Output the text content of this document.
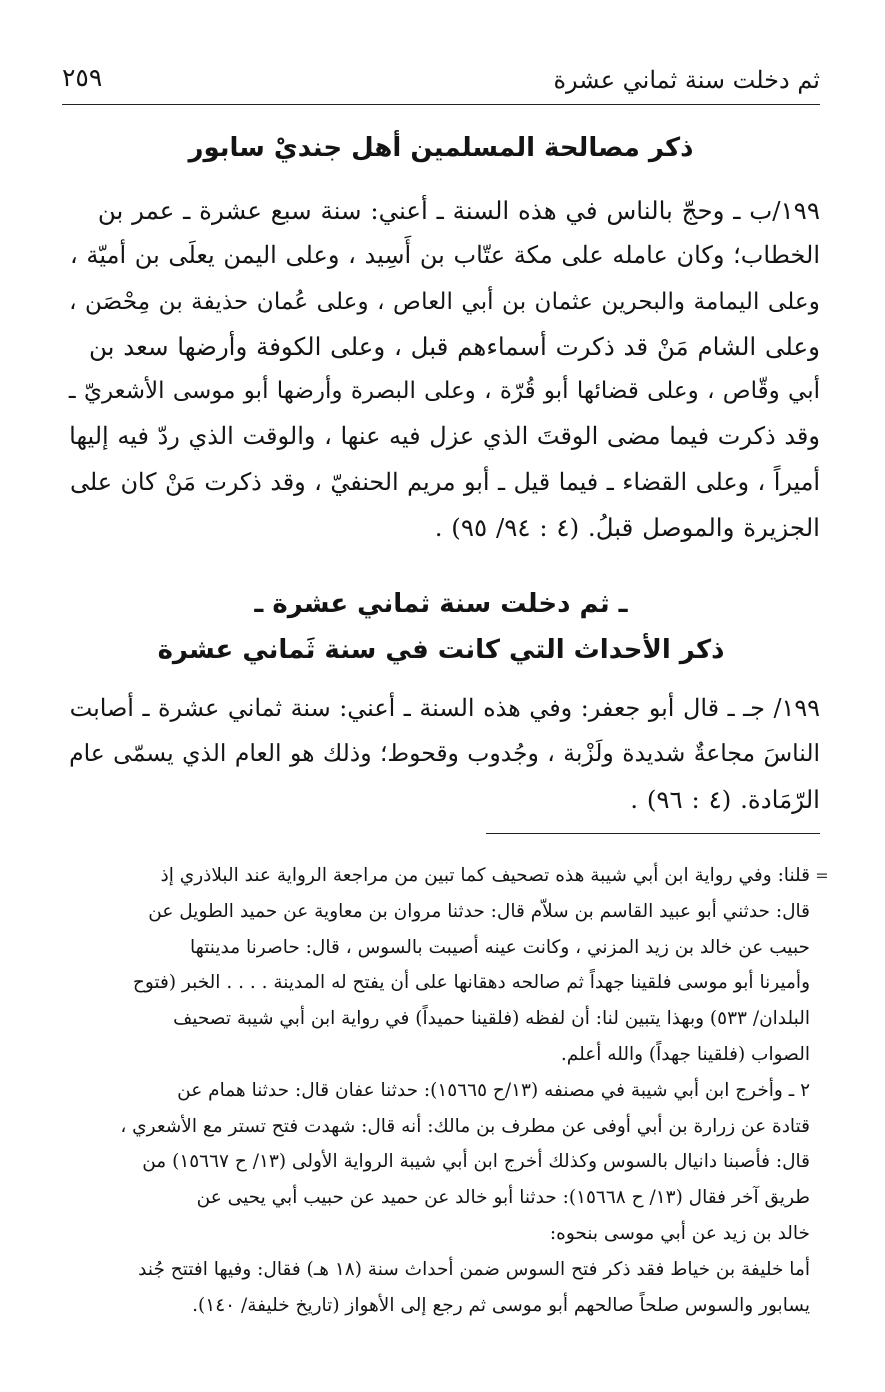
ثم دخلت سنة ثماني عشرة
٢٥٩
ذكر مصالحة المسلمين أهل جنديْ سابور
١٩٩/ب ـ وحجّ بالناس في هذه السنة ـ أعني: سنة سبع عشرة ـ عمر بن
الخطاب؛ وكان عامله على مكة عتّاب بن أَسِيد ، وعلى اليمن يعلَى بن أميّة ،
وعلى اليمامة والبحرين عثمان بن أبي العاص ، وعلى عُمان حذيفة بن مِحْصَن ،
وعلى الشام مَنْ قد ذكرت أسماءهم قبل ، وعلى الكوفة وأرضها سعد بن
أبي وقّاص ، وعلى قضائها أبو قُرّة ، وعلى البصرة وأرضها أبو موسى الأشعريّ ـ
وقد ذكرت فيما مضى الوقتَ الذي عزل فيه عنها ، والوقت الذي ردّ فيه إليها
أميراً ، وعلى القضاء ـ فيما قيل ـ أبو مريم الحنفيّ ، وقد ذكرت مَنْ كان على
الجزيرة والموصل قبلُ. (٤ : ٩٤/ ٩٥) .
ـ ثم دخلت سنة ثماني عشرة ـ
ذكر الأحداث التي كانت في سنة ثَماني عشرة
١٩٩/ جـ ـ قال أبو جعفر: وفي هذه السنة ـ أعني: سنة ثماني عشرة ـ أصابت
الناسَ مجاعةٌ شديدة ولَزْبة ، وجُدوب وقحوط؛ وذلك هو العام الذي يسمّى عام
الرّمَادة. (٤ : ٩٦) .
=
قلنا: وفي رواية ابن أبي شيبة هذه تصحيف كما تبين من مراجعة الرواية عند البلاذري إذ
قال: حدثني أبو عبيد القاسم بن سلاّم قال: حدثنا مروان بن معاوية عن حميد الطويل عن
حبيب عن خالد بن زيد المزني ، وكانت عينه أصيبت بالسوس ، قال: حاصرنا مدينتها
وأميرنا أبو موسى فلقينا جهداً ثم صالحه دهقانها على أن يفتح له المدينة . . . . الخبر (فتوح
البلدان/ ٥٣٣) وبهذا يتبين لنا: أن لفظه (فلقينا حميداً) في رواية ابن أبي شيبة تصحيف
الصواب (فلقينا جهداً) والله أعلم.
٢ ـ وأخرج ابن أبي شيبة في مصنفه (١٣/ح ١٥٦٦٥): حدثنا عفان قال: حدثنا همام عن
قتادة عن زرارة بن أبي أوفى عن مطرف بن مالك: أنه قال: شهدت فتح تستر مع الأشعري ،
قال: فأصبنا دانيال بالسوس وكذلك أخرج ابن أبي شيبة الرواية الأولى (١٣/ ح ١٥٦٦٧) من
طريق آخر فقال (١٣/ ح ١٥٦٦٨): حدثنا أبو خالد عن حميد عن حبيب أبي يحيى عن
خالد بن زيد عن أبي موسى بنحوه:
أما خليفة بن خياط فقد ذكر فتح السوس ضمن أحداث سنة (١٨ هـ) فقال: وفيها افتتح جُند
يسابور والسوس صلحاً صالحهم أبو موسى ثم رجع إلى الأهواز (تاريخ خليفة/ ١٤٠).
